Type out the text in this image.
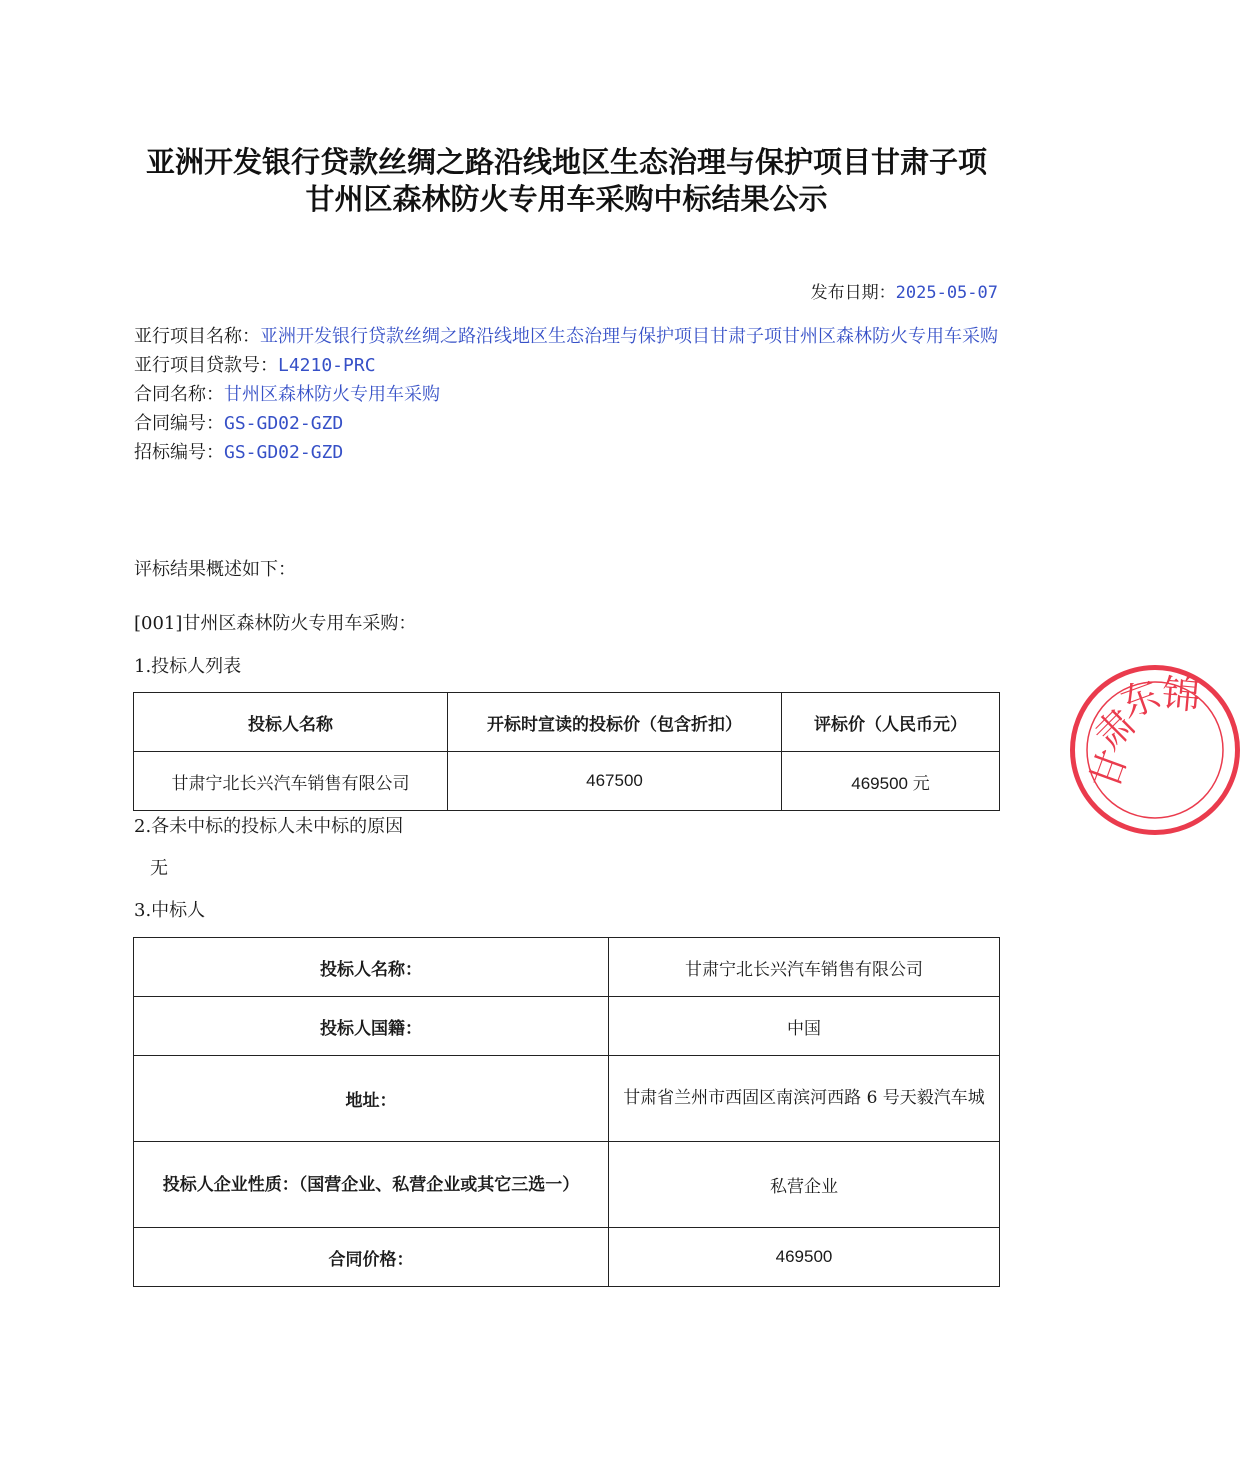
亚洲开发银行贷款丝绸之路沿线地区生态治理与保护项目甘肃子项
甘州区森林防火专用车采购中标结果公示
发布日期：2025-05-07
亚行项目名称：亚洲开发银行贷款丝绸之路沿线地区生态治理与保护项目甘肃子项甘州区森林防火专用车采购
亚行项目贷款号：L4210-PRC
合同名称：甘州区森林防火专用车采购
合同编号：GS-GD02-GZD
招标编号：GS-GD02-GZD
评标结果概述如下：
[001]甘州区森林防火专用车采购：
1.投标人列表
投标人名称	开标时宣读的投标价（包含折扣）	评标价（人民币元）
甘肃宁北长兴汽车销售有限公司	467500	469500 元
2.各未中标的投标人未中标的原因
无
3.中标人
投标人名称：	甘肃宁北长兴汽车销售有限公司
投标人国籍：	中国
地址：	甘肃省兰州市西固区南滨河西路 6 号天毅汽车城
投标人企业性质：（国营企业、私营企业或其它三选一）	私营企业
合同价格：	469500
甘
肃
东
锦
